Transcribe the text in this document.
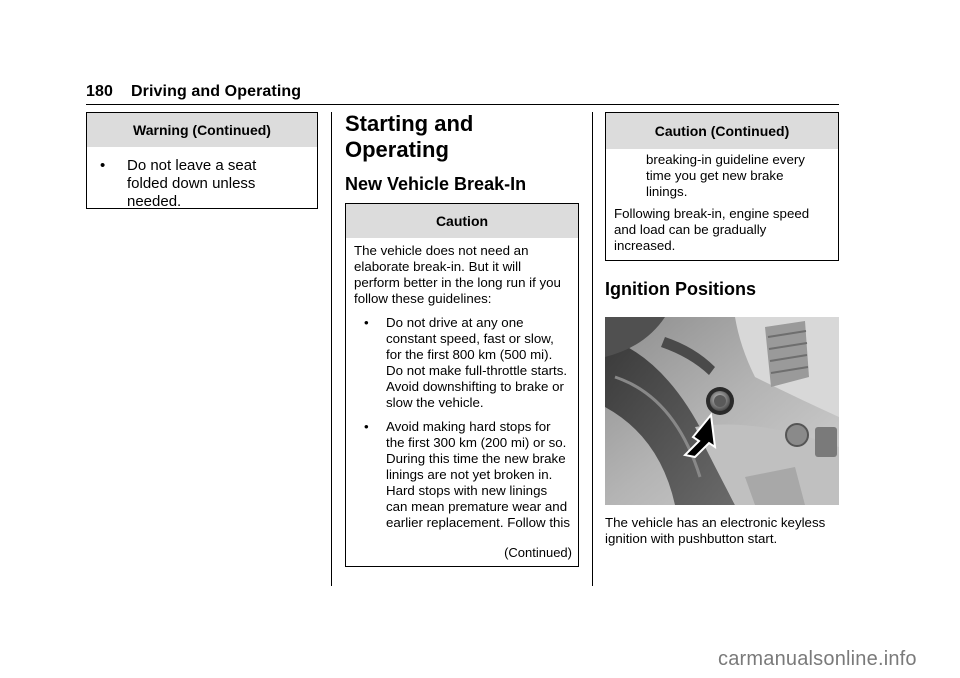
180 Driving and Operating
Warning (Continued)
•	Do not leave a seat folded down unless needed.
Starting and Operating
New Vehicle Break-In
Caution
The vehicle does not need an elaborate break-in. But it will perform better in the long run if you follow these guidelines:
•	Do not drive at any one constant speed, fast or slow, for the first 800 km (500 mi). Do not make full-throttle starts. Avoid downshifting to brake or slow the vehicle.
•	Avoid making hard stops for the first 300 km (200 mi) or so. During this time the new brake linings are not yet broken in. Hard stops with new linings can mean premature wear and earlier replacement. Follow this
(Continued)
Caution (Continued)
breaking-in guideline every time you get new brake linings.
Following break-in, engine speed and load can be gradually increased.
Ignition Positions
The vehicle has an electronic keyless ignition with pushbutton start.
carmanualsonline.info
